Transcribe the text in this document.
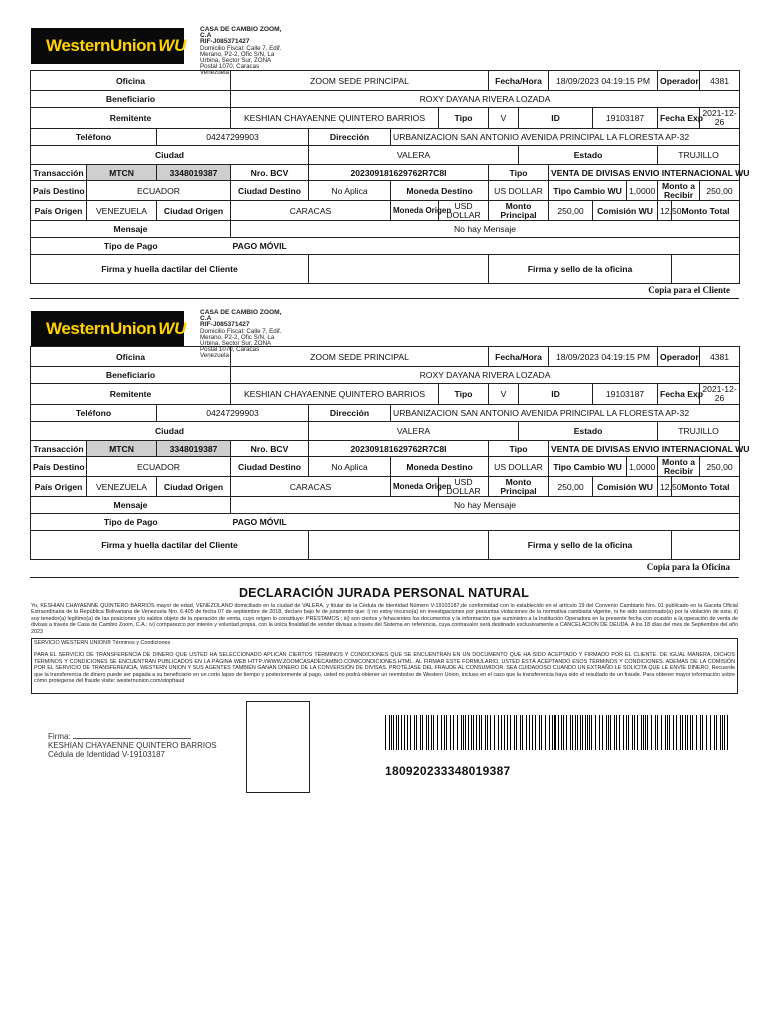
WesternUnion WU
CASA DE CAMBIO ZOOM, C.A
RIF-J085371427
Domicilio Fiscal: Calle 7, Edif.
Merano, P2-2, Ofic S/N, La
Urbina, Sector Sur, ZONA
Postal 1070, Caracas
Venezuela
Oficina			ZOOM SEDE PRINCIPAL				Fecha/Hora		18/09/2023 04:19:15 PM			Operador		4381	
Beneficiario			ROXY DAYANA RIVERA LOZADA												
Remitente			KESHIAN CHAYAENNE QUINTERO BARRIOS			Tipo	V	ID		19103187		Fecha Exp		2021-12-26	
Teléfono		04247299903		Dirección	URBANIZACION SAN ANTONIO AVENIDA PRINCIPAL LA FLORESTA AP-32										
Ciudad				VALERA				Estado				TRUJILLO			
Transacción	MTCN	3348019387	Nro. BCV	202309181629762R7C8I			Tipo		VENTA DE DIVISAS ENVIO INTERNACIONAL WU						
País Destino	ECUADOR		Ciudad Destino	No Aplica	Moneda Destino		US DOLLAR		Tipo Cambio WU		1,0000	Monto a Recibir		250,00	
País Origen	VENEZUELA	Ciudad Origen	CARACAS		Moneda Origen	USD DOLLAR	Monto Principal		250,00	Comisión WU		12,50	Monto Total	
Mensaje			No hay Mensaje												
Tipo de Pago			PAGO MÓVIL												
Firma y huella dactilar del Cliente							Firma y sello de la oficina								
WesternUnion WU
CASA DE CAMBIO ZOOM, C.A
RIF-J085371427
Domicilio Fiscal: Calle 7, Edif.
Merano, P2-2, Ofic S/N, La
Urbina, Sector Sur, ZONA
Postal 1070, Caracas
Venezuela
Oficina			ZOOM SEDE PRINCIPAL				Fecha/Hora		18/09/2023 04:19:15 PM			Operador		4381	
Beneficiario			ROXY DAYANA RIVERA LOZADA												
Remitente			KESHIAN CHAYAENNE QUINTERO BARRIOS			Tipo	V	ID		19103187		Fecha Exp		2021-12-26	
Teléfono		04247299903		Dirección	URBANIZACION SAN ANTONIO AVENIDA PRINCIPAL LA FLORESTA AP-32										
Ciudad				VALERA				Estado				TRUJILLO			
Transacción	MTCN	3348019387	Nro. BCV	202309181629762R7C8I			Tipo		VENTA DE DIVISAS ENVIO INTERNACIONAL WU						
País Destino	ECUADOR		Ciudad Destino	No Aplica	Moneda Destino		US DOLLAR		Tipo Cambio WU		1,0000	Monto a Recibir		250,00	
País Origen	VENEZUELA	Ciudad Origen	CARACAS		Moneda Origen	USD DOLLAR	Monto Principal		250,00	Comisión WU		12,50	Monto Total	
Mensaje			No hay Mensaje												
Tipo de Pago			PAGO MÓVIL												
Firma y huella dactilar del Cliente							Firma y sello de la oficina								
Copia para el Cliente
Copia para la Oficina
DECLARACIÓN JURADA PERSONAL NATURAL
Yo, KESHIAN CHAYAENNE QUINTERO BARRIOS mayor de edad, VENEZOLANO domiciliado en la ciudad de VALERA, y titular de la Cédula de Identidad Número V-19103187,de conformidad con lo establecido en el artículo 19 del Convenio Cambiario Nro. 01 publicado en la Gaceta Oficial Extraordinaria de la República Bolivariana de Venezuela Nro. 6.405 de fecha 07 de septiembre de 2018, declaro bajo fe de juramento que: i) no estoy incurso(a) en investigaciones por presuntas violaciones de la normativa cambiaria vigente, ni he sido sancionado(a) por la violación de esta; ii) soy tenedor(a) legítimo(a) de las posiciones y/o saldos objeto de la operación de venta, cuyo origen lo constituye: PRESTAMOS ; iii) son ciertos y fehacientes los documentos y la información que suministro a la Institución Operadora en la presente fecha con ocasión a la operación de venta de divisas a través de Casa de Cambio Zoom, C.A.; iv) comparezco por interés y voluntad propia, con la única finalidad de vender divisas a través del Sistema en referencia, cuya contravalor será destinado exclusivamente a CANCELACION DE DEUDA. A los 18 días del mes de Septiembre del año 2023
SERVICIO WESTERN UNION® Términos y Condiciones
PARA EL SERVICIO DE TRANSFERENCIA DE DINERO QUE USTED HA SELECCIONADO APLICAN CIERTOS TÉRMINOS Y CONDICIONES QUE SE ENCUENTRAN EN UN DOCUMENTO QUE HA SIDO ACEPTADO Y FIRMADO POR EL CLIENTE. DE IGUAL MANERA, DICHOS TERMINOS Y CONDICIONES SE ENCUENTRAN PUBLICADOS EN LA PÁGINA WEB HTTP://WWW.ZOOMCASADECAMBIO.COM/CONDICIONES.HTML. AL FIRMAR ESTE FORMULARIO, USTED ESTÁ ACEPTANDO ESOS TÉRMINOS Y CONDICIONES. ADEMÁS DE LA COMISIÓN POR EL SERVICIO DE TRANSFERENCIA, WESTERN UNION Y SUS AGENTES TAMBIÉN GANAN DINERO DE LA CONVERSIÓN DE DIVISAS. PROTÉJASE DEL FRAUDE AL CONSUMIDOR. SEA CUIDADOSO CUANDO UN EXTRAÑO LE SOLICITA QUE LE ENVÍE DINERO. Recuerde que la transferencia de dinero puede ser pagada a su beneficiario en un corto lapso de tiempo y posteriormente al pago, usted no podrá obtener un reembolso de Western Union, incluso en el caso que la transferencia haya sido el resultado de un fraude. Para obtener mayor información sobre cómo protegerse del fraude visite: westernunion.com/stopfraud
Firma:
KESHIAN CHAYAENNE QUINTERO BARRIOS
Cédula de Identidad V-19103187
180920233348019387
